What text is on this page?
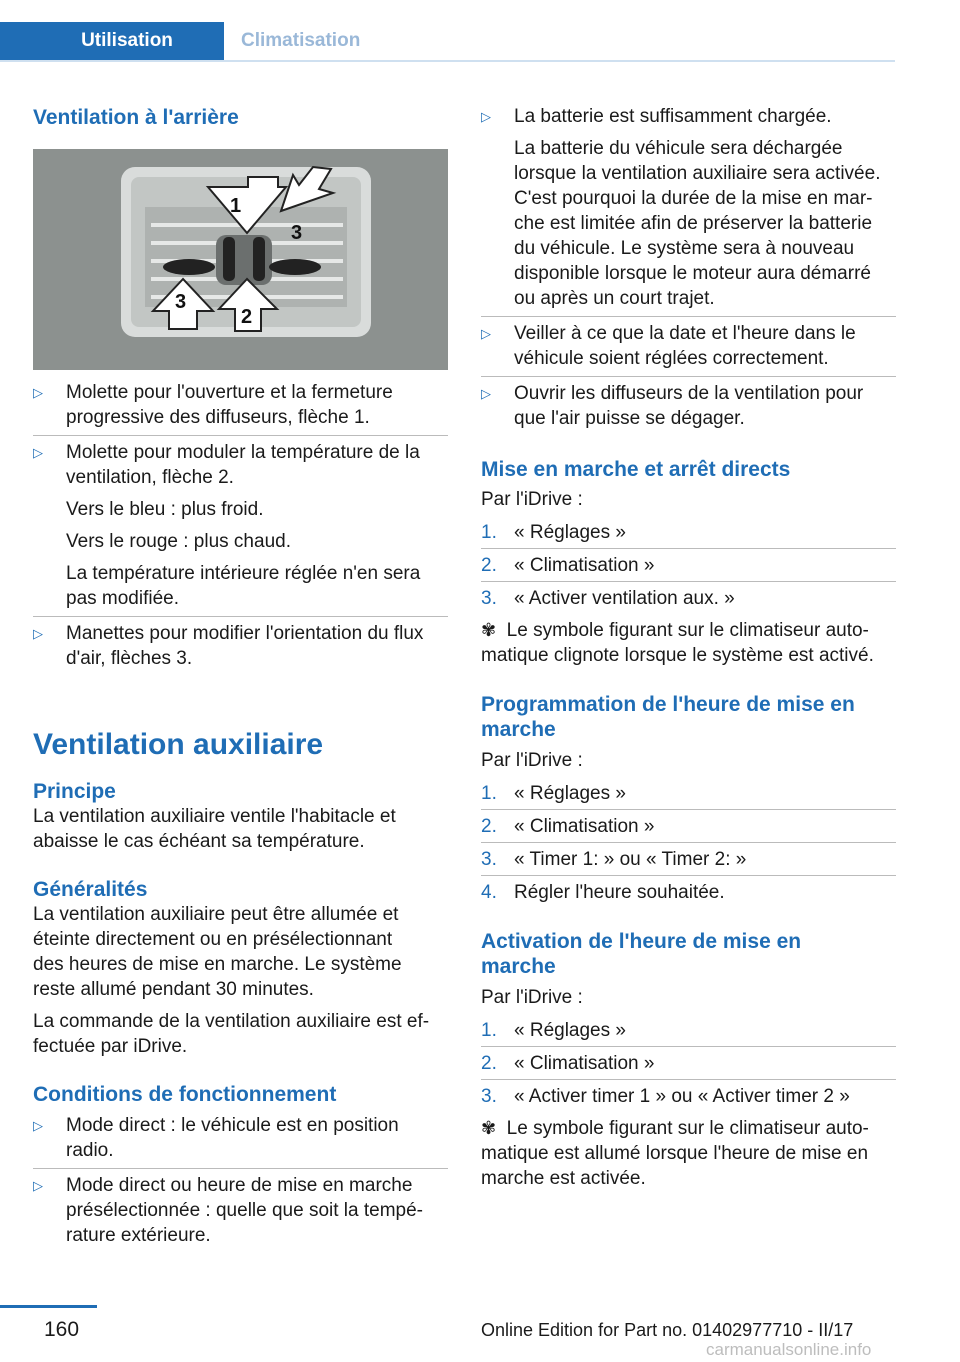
Utilisation	Climatisation
Ventilation à l'arrière
1
3
3
2
▷ Molette pour l'ouverture et la fermeture

progressive des diffuseurs, flèche 1.

▷ Molette pour moduler la température de la

ventilation, flèche 2.

Vers le bleu : plus froid.

Vers le rouge : plus chaud.

La température intérieure réglée n'en sera

pas modifiée.

▷ Manettes pour modifier l'orientation du flux

d'air, flèches 3.

Ventilation auxiliaire
Principe

La ventilation auxiliaire ventile l'habitacle et

abaisse le cas échéant sa température.

Généralités

La ventilation auxiliaire peut être allumée et

éteinte directement ou en présélectionnant

des heures de mise en marche. Le système

reste allumé pendant 30 minutes.

La commande de la ventilation auxiliaire est ef‐

fectuée par iDrive.

Conditions de fonctionnement
▷ Mode direct : le véhicule est en position

radio.

▷ Mode direct ou heure de mise en marche

présélectionnée : quelle que soit la tempé‐

rature extérieure.

▷ La batterie est suffisamment chargée.

La batterie du véhicule sera déchargée

lorsque la ventilation auxiliaire sera activée.

C'est pourquoi la durée de la mise en mar‐

che est limitée afin de préserver la batterie

du véhicule. Le système sera à nouveau

disponible lorsque le moteur aura démarré

ou après un court trajet.

▷ Veiller à ce que la date et l'heure dans le

véhicule soient réglées correctement.

▷ Ouvrir les diffuseurs de la ventilation pour

que l'air puisse se dégager.

Mise en marche et arrêt directs

Par l'iDrive :

1. « Réglages »

2. « Climatisation »

3. « Activer ventilation aux. »

✾ Le symbole figurant sur le climatiseur auto‐

matique clignote lorsque le système est activé.

Programmation de l'heure de mise en
marche

Par l'iDrive :

1. « Réglages »

2. « Climatisation »

3. « Timer 1: » ou « Timer 2: »

4. Régler l'heure souhaitée.

Activation de l'heure de mise en
marche

Par l'iDrive :

1. « Réglages »

2. « Climatisation »

3. « Activer timer 1 » ou « Activer timer 2 »

✾ Le symbole figurant sur le climatiseur auto‐

matique est allumé lorsque l'heure de mise en

marche est activée.

160	Online Edition for Part no. 01402977710 - II/17
carmanualsonline.info
